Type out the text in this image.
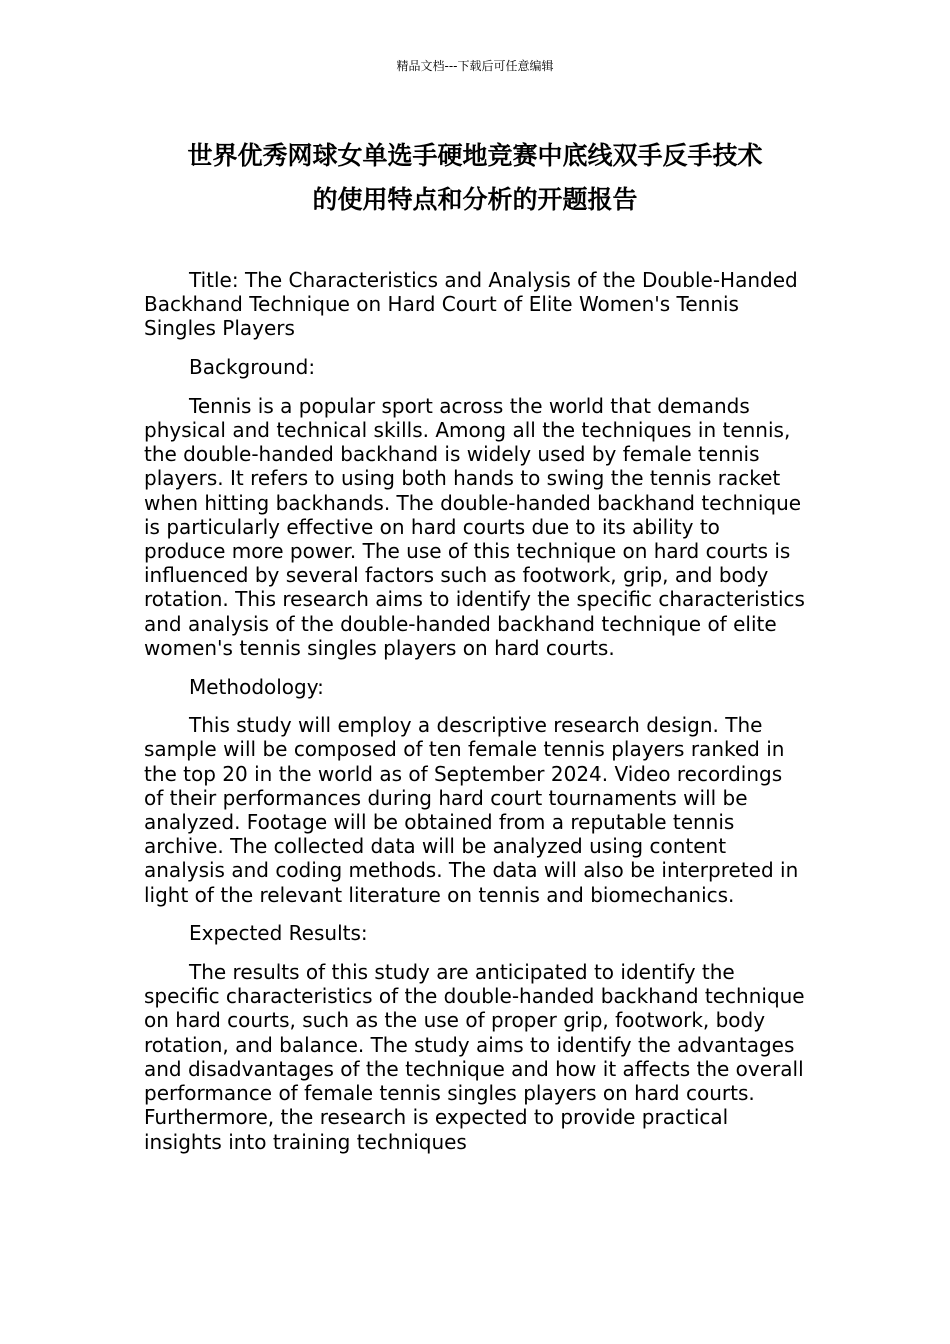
精品文档---下载后可任意编辑
世界优秀网球女单选手硬地竞赛中底线双手反手技术
的使用特点和分析的开题报告

Title: The Characteristics and Analysis of the Double-Handed Backhand Technique on Hard Court of Elite Women's Tennis Singles Players

Background:

Tennis is a popular sport across the world that demands physical and technical skills. Among all the techniques in tennis, the double-handed backhand is widely used by female tennis players. It refers to using both hands to swing the tennis racket when hitting backhands. The double-handed backhand technique is particularly effective on hard courts due to its ability to produce more power. The use of this technique on hard courts is influenced by several factors such as footwork, grip, and body rotation. This research aims to identify the specific characteristics and analysis of the double-handed backhand technique of elite women's tennis singles players on hard courts.

Methodology:

This study will employ a descriptive research design. The sample will be composed of ten female tennis players ranked in the top 20 in the world as of September 2024. Video recordings of their performances during hard court tournaments will be analyzed. Footage will be obtained from a reputable tennis archive. The collected data will be analyzed using content analysis and coding methods. The data will also be interpreted in light of the relevant literature on tennis and biomechanics.

Expected Results:

The results of this study are anticipated to identify the specific characteristics of the double-handed backhand technique on hard courts, such as the use of proper grip, footwork, body rotation, and balance. The study aims to identify the advantages and disadvantages of the technique and how it affects the overall performance of female tennis singles players on hard courts. Furthermore, the research is expected to provide practical insights into training techniques
